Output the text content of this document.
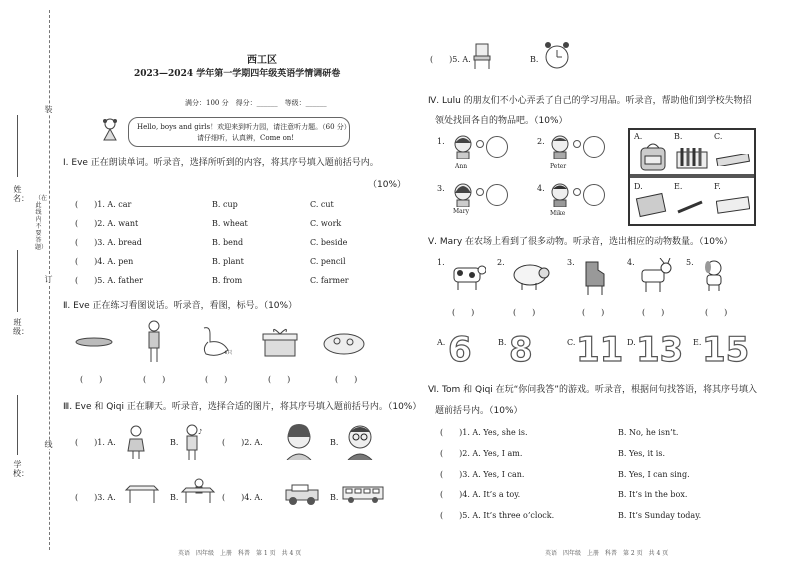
学校：
班级：
姓名：
装
订
线
（在此线内不要答题）
西工区
2023—2024 学年第一学期四年级英语学情调研卷
满分：100 分　得分：______　等级：______
Hello, boys and girls！欢迎来到听力园，请注意听力题。（60 分）
请仔细听，认真辨，Come on!
Ⅰ. Eve 正在朗读单词。听录音，选择所听到的内容，将其序号填入题前括号内。
（10%）
(　　)1. A. car	B. cup	C. cut
(　　)2. A. want	B. wheat	C. work
(　　)3. A. bread	B. bend	C. beside
(　　)4. A. pen	B. plant	C. pencil
(　　)5. A. father	B. from	C. farmer
Ⅱ. Eve 正在练习看图说话。听录音，看图，标号。（10%）
4只
(　　)	(　　)	(　　)	(　　)	(　　)
Ⅲ. Eve 和 Qiqi 正在聊天。听录音，选择合适的图片，将其序号填入题前括号内。（10%）
(　　)1. A.	B.
♪
(　　)2. A.	B.
(　　)3. A.	B.	(　　)4. A.	B.
英语　四年级　上册　科普　第 1 页　共 4 页
(　　)5. A.	B.
Ⅳ. Lulu 的朋友们不小心弄丢了自己的学习用品。听录音，帮助他们到学校失物招
领处找回各自的物品吧。（10%）
1.
Ann
2.
Peter
3.
Mary
4.
Mike
A.	B.	C.
D.	E.	F.
Ⅴ. Mary 在农场上看到了很多动物。听录音，选出相应的动物数量。（10%）
1.	2.	3.	4.	5.
(　　)	(　　)	(　　)	(　　)	(　　)
A. 6	B. 8	C. 11 D. 13 E. 15
Ⅵ. Tom 和 Qiqi 在玩“你问我答”的游戏。听录音，根据问句找答语，将其序号填入
题前括号内。（10%）
(　　)1. A. Yes, she is.	B. No, he isn’t.
(　　)2. A. Yes, I am.	B. Yes, it is.
(　　)3. A. Yes, I can.	B. Yes, I can sing.
(　　)4. A. It’s a toy.	B. It’s in the box.
(　　)5. A. It’s three o’clock.	B. It’s Sunday today.
英语　四年级　上册　科普　第 2 页　共 4 页
